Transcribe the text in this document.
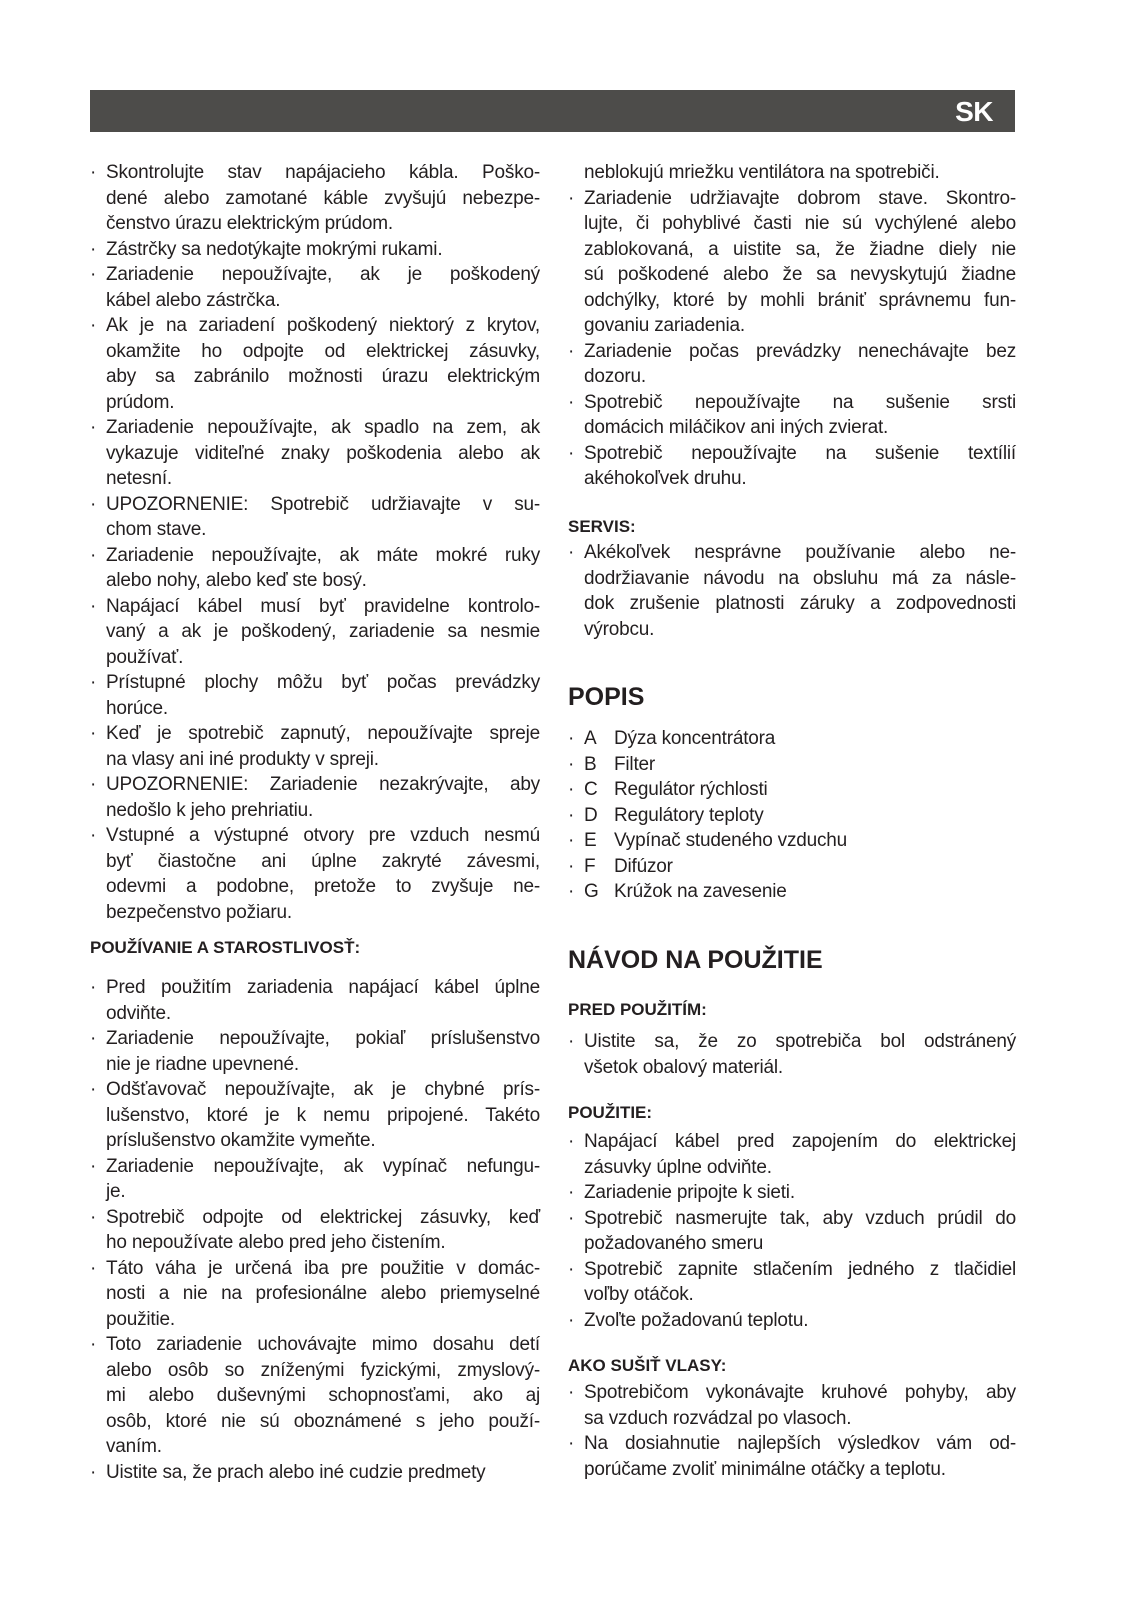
SK
· Skontrolujte stav napájacieho kábla. Poško-
dené alebo zamotané káble zvyšujú nebezpe-
čenstvo úrazu elektrickým prúdom.
· Zástrčky sa nedotýkajte mokrými rukami.
· Zariadenie nepoužívajte, ak je poškodený
kábel alebo zástrčka.
· Ak je na zariadení poškodený niektorý z krytov,
okamžite ho odpojte od elektrickej zásuvky,
aby sa zabránilo možnosti úrazu elektrickým
prúdom.
· Zariadenie nepoužívajte, ak spadlo na zem, ak
vykazuje viditeľné znaky poškodenia alebo ak
netesní.
· UPOZORNENIE: Spotrebič udržiavajte v su-
chom stave.
· Zariadenie nepoužívajte, ak máte mokré ruky
alebo nohy, alebo keď ste bosý.
· Napájací kábel musí byť pravidelne kontrolo-
vaný a ak je poškodený, zariadenie sa nesmie
používať.
· Prístupné plochy môžu byť počas prevádzky
horúce.
· Keď je spotrebič zapnutý, nepoužívajte spreje
na vlasy ani iné produkty v spreji.
· UPOZORNENIE: Zariadenie nezakrývajte, aby
nedošlo k jeho prehriatiu.
· Vstupné a výstupné otvory pre vzduch nesmú
byť čiastočne ani úplne zakryté závesmi,
odevmi a podobne, pretože to zvyšuje ne-
bezpečenstvo požiaru.
POUŽÍVANIE A STAROSTLIVOSŤ:
· Pred použitím zariadenia napájací kábel úplne
odviňte.
· Zariadenie nepoužívajte, pokiaľ príslušenstvo
nie je riadne upevnené.
· Odšťavovač nepoužívajte, ak je chybné prís-
lušenstvo, ktoré je k nemu pripojené. Takéto
príslušenstvo okamžite vymeňte.
· Zariadenie nepoužívajte, ak vypínač nefungu-
je.
· Spotrebič odpojte od elektrickej zásuvky, keď
ho nepoužívate alebo pred jeho čistením.
· Táto váha je určená iba pre použitie v domác-
nosti a nie na profesionálne alebo priemyselné
použitie.
· Toto zariadenie uchovávajte mimo dosahu detí
alebo osôb so zníženými fyzickými, zmyslový-
mi alebo duševnými schopnosťami, ako aj
osôb, ktoré nie sú oboznámené s jeho použí-
vaním.
· Uistite sa, že prach alebo iné cudzie predmety
neblokujú mriežku ventilátora na spotrebiči.
· Zariadenie udržiavajte dobrom stave. Skontro-
lujte, či pohyblivé časti nie sú vychýlené alebo
zablokovaná, a uistite sa, že žiadne diely nie
sú poškodené alebo že sa nevyskytujú žiadne
odchýlky, ktoré by mohli brániť správnemu fun-
govaniu zariadenia.
· Zariadenie počas prevádzky nenechávajte bez
dozoru.
· Spotrebič nepoužívajte na sušenie srsti
domácich miláčikov ani iných zvierat.
· Spotrebič nepoužívajte na sušenie textílií
akéhokoľvek druhu.
SERVIS:
· Akékoľvek nesprávne používanie alebo ne-
dodržiavanie návodu na obsluhu má za násle-
dok zrušenie platnosti záruky a zodpovednosti
výrobcu.
POPIS
· A Dýza koncentrátora
· B Filter
· C Regulátor rýchlosti
· D Regulátory teploty
· E Vypínač studeného vzduchu
· F Difúzor
· G Krúžok na zavesenie
NÁVOD NA POUŽITIE
PRED POUŽITÍM:
· Uistite sa, že zo spotrebiča bol odstránený
všetok obalový materiál.
POUŽITIE:
· Napájací kábel pred zapojením do elektrickej
zásuvky úplne odviňte.
· Zariadenie pripojte k sieti.
· Spotrebič nasmerujte tak, aby vzduch prúdil do
požadovaného smeru
· Spotrebič zapnite stlačením jedného z tlačidiel
voľby otáčok.
· Zvoľte požadovanú teplotu.
AKO SUŠIŤ VLASY:
· Spotrebičom vykonávajte kruhové pohyby, aby
sa vzduch rozvádzal po vlasoch.
· Na dosiahnutie najlepších výsledkov vám od-
porúčame zvoliť minimálne otáčky a teplotu.
